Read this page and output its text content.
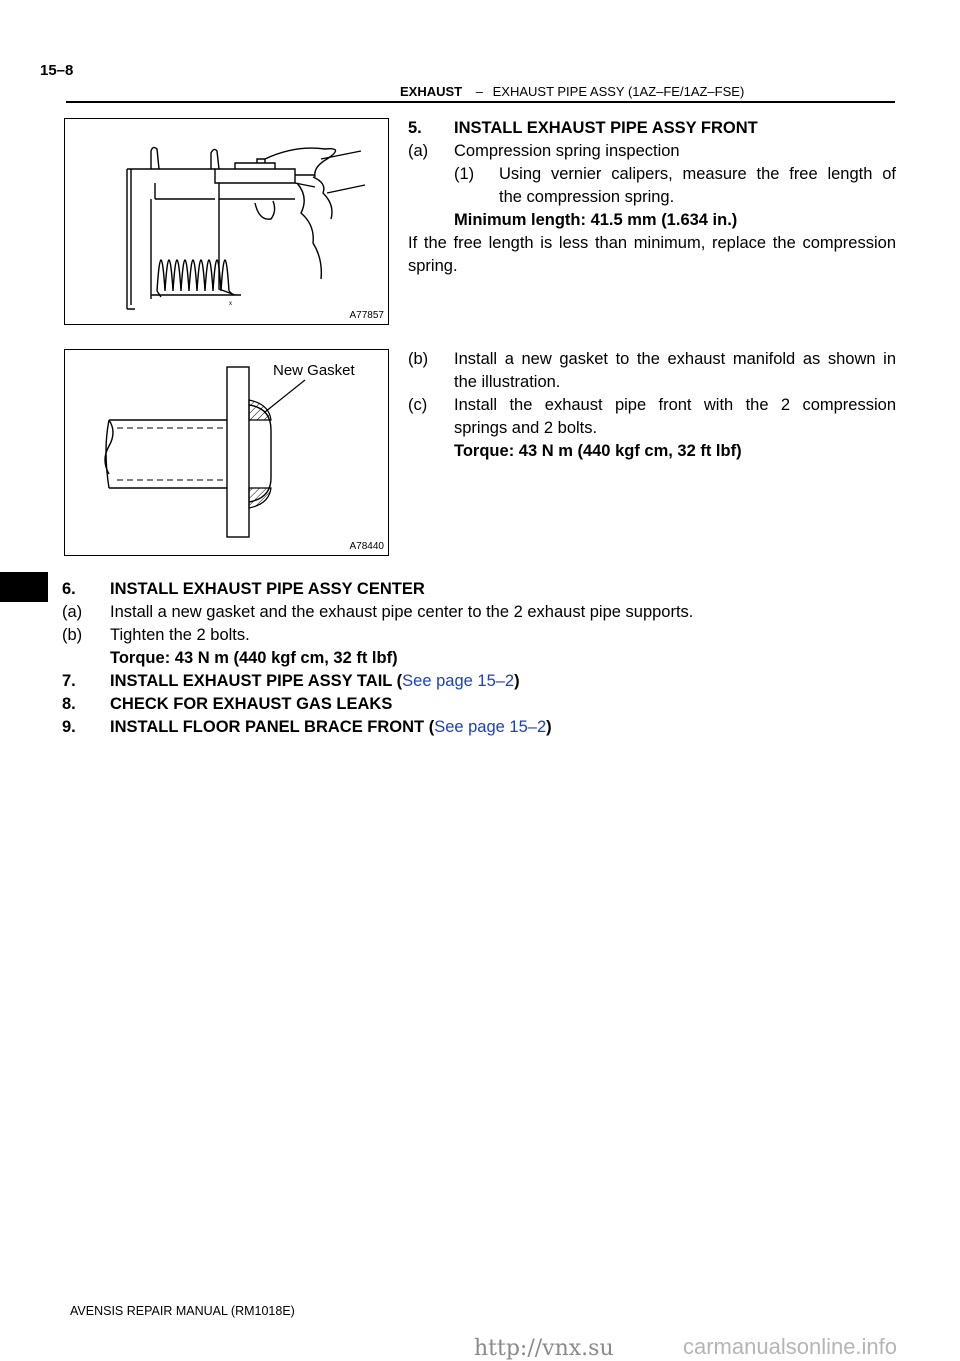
15–8
EXHAUST – EXHAUST PIPE ASSY (1AZ–FE/1AZ–FSE)
x
A77857
New Gasket
A78440
5. INSTALL EXHAUST PIPE ASSY FRONT
(a) Compression spring inspection
(1) Using vernier calipers, measure the free length of
the compression spring.
Minimum length: 41.5 mm (1.634 in.)
If the free length is less than minimum, replace the compression
spring.
(b) Install a new gasket to the exhaust manifold as shown in
the illustration.
(c) Install the exhaust pipe front with the 2 compression
springs and 2 bolts.
Torque: 43 N m (440 kgf cm, 32 ft lbf)
6. INSTALL EXHAUST PIPE ASSY CENTER
(a) Install a new gasket and the exhaust pipe center to the 2 exhaust pipe supports.
(b) Tighten the 2 bolts.
Torque: 43 N m (440 kgf cm, 32 ft lbf)
7. INSTALL EXHAUST PIPE ASSY TAIL (See page 15–2)
8. CHECK FOR EXHAUST GAS LEAKS
9. INSTALL FLOOR PANEL BRACE FRONT (See page 15–2)
AVENSIS REPAIR MANUAL (RM1018E)
http://vnx.su	carmanualsonline.info
